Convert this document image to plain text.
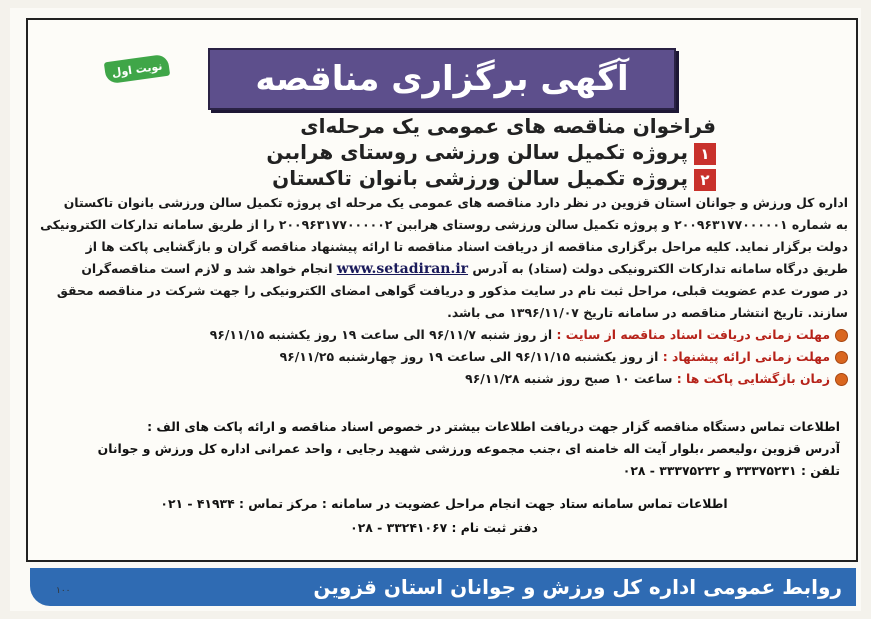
نوبت اول	آگهی برگزاری مناقصه
فراخوان مناقصه های عمومی یک مرحله‌ای
۱پروژه تکمیل سالن ورزشی روستای هراببن
۲پروژه تکمیل سالن ورزشی بانوان تاکستان
اداره کل ورزش و جوانان استان قزوین در نظر دارد مناقصه های عمومی یک مرحله ای پروژه تکمیل سالن ورزشی بانوان تاکستان
به شماره ۲۰۰۹۶۳۱۷۷۰۰۰۰۰۱ و پروژه تکمیل سالن ورزشی روستای هراببن ۲۰۰۹۶۳۱۷۷۰۰۰۰۰۲ را از طریق سامانه تدارکات الکترونیکی
دولت برگزار نماید. کلیه مراحل برگزاری مناقصه از دریافت اسناد مناقصه تا ارائه پیشنهاد مناقصه گران و بازگشایی پاکت ها از
طریق درگاه سامانه تدارکات الکترونیکی دولت (ستاد) به آدرس www.setadiran.ir انجام خواهد شد و لازم است مناقصه‌گران
در صورت عدم عضویت قبلی، مراحل ثبت نام در سایت مذکور و دریافت گواهی امضای الکترونیکی را جهت شرکت در مناقصه محقق
سازند. تاریخ انتشار مناقصه در سامانه تاریخ ۱۳۹۶/۱۱/۰۷ می باشد.
مهلت زمانی دریافت اسناد مناقصه از سایت : از روز شنبه ۹۶/۱۱/۷ الی ساعت ۱۹ روز یکشنبه ۹۶/۱۱/۱۵
مهلت زمانی ارائه پیشنهاد : از روز یکشنبه ۹۶/۱۱/۱۵ الی ساعت ۱۹ روز چهارشنبه ۹۶/۱۱/۲۵
زمان بازگشایی پاکت ها : ساعت ۱۰ صبح روز شنبه ۹۶/۱۱/۲۸
اطلاعات تماس دستگاه مناقصه گزار جهت دریافت اطلاعات بیشتر در خصوص اسناد مناقصه و ارائه پاکت های الف :
آدرس قزوین ،ولیعصر ،بلوار آیت اله خامنه ای ،جنب مجموعه ورزشی شهید رجایی ، واحد عمرانی اداره کل ورزش و جوانان
تلفن : ۳۳۳۷۵۲۳۱ و ۳۳۳۷۵۲۳۲ - ۰۲۸
اطلاعات تماس سامانه ستاد جهت انجام مراحل عضویت در سامانه : مرکز تماس : ۴۱۹۳۴ - ۰۲۱
دفتر ثبت نام : ۳۳۲۴۱۰۶۷ - ۰۲۸
روابط عمومی اداره کل ورزش و جوانان استان قزوین
۱۰۰
